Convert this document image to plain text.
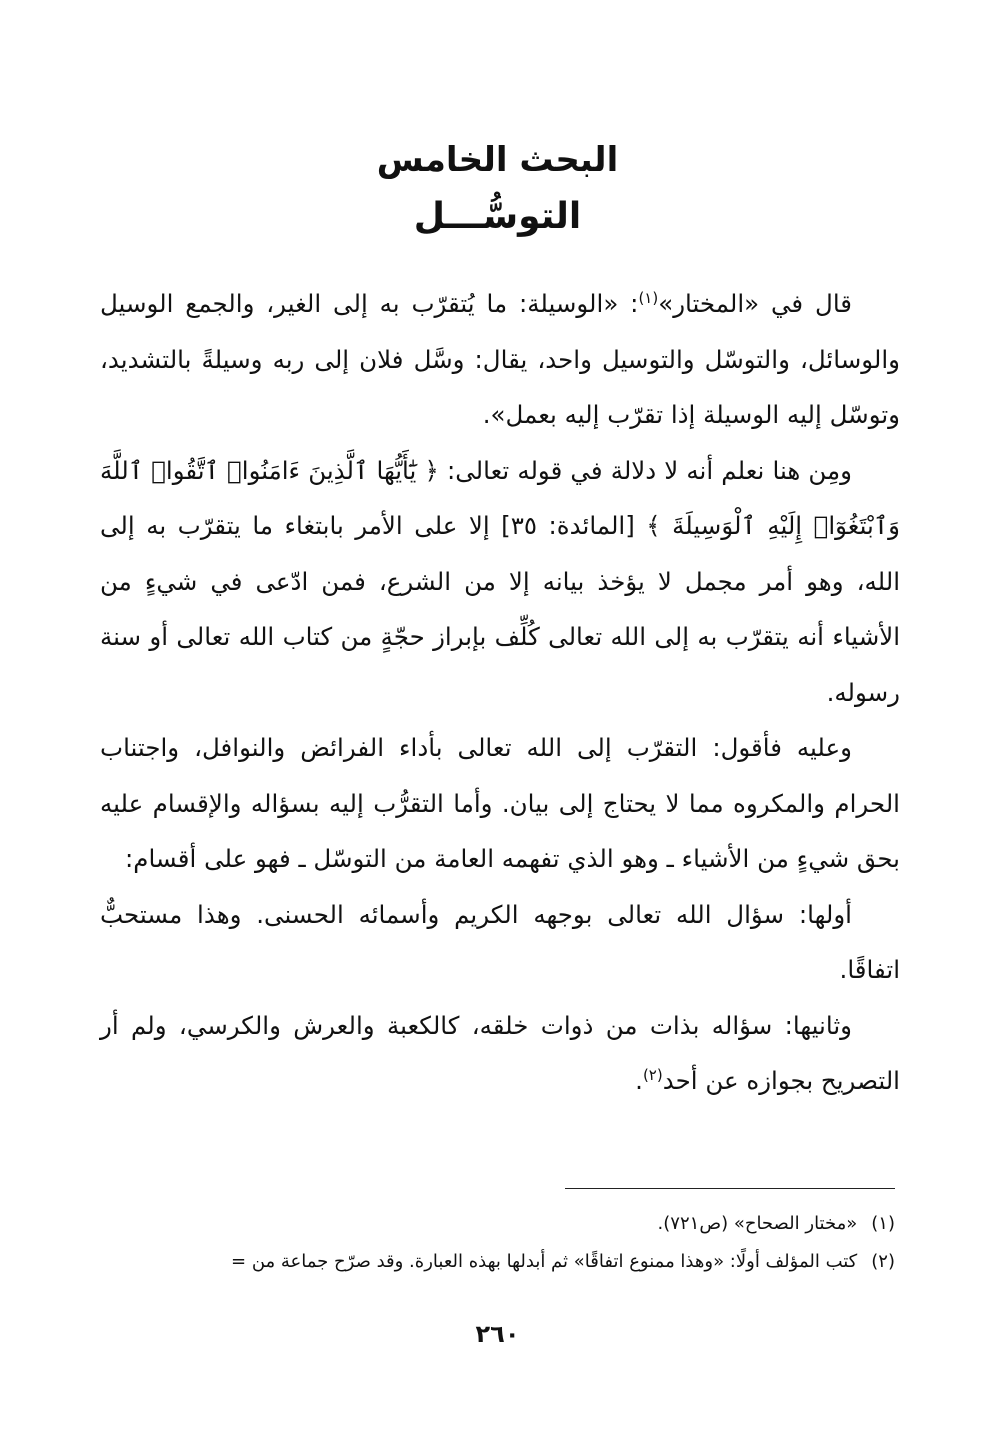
البحث الخامس
التوسُّـــل

قال في «المختار»$^{(١)}$: «الوسيلة: ما يُتقرّب به إلى الغير، والجمع الوسيل والوسائل، والتوسّل والتوسيل واحد، يقال: وسَّل فلان إلى ربه وسيلةً بالتشديد، وتوسّل إليه الوسيلة إذا تقرّب إليه بعمل».

ومِن هنا نعلم أنه لا دلالة في قوله تعالى: ﴿ يَٰٓأَيُّهَا ٱلَّذِينَ ءَامَنُوا۟ ٱتَّقُوا۟ ٱللَّهَ وَٱبْتَغُوٓا۟ إِلَيْهِ ٱلْوَسِيلَةَ ﴾ [المائدة: ٣٥] إلا على الأمر بابتغاء ما يتقرّب به إلى الله، وهو أمر مجمل لا يؤخذ بيانه إلا من الشرع، فمن ادّعى في شيءٍ من الأشياء أنه يتقرّب به إلى الله تعالى كُلِّف بإبراز حجّةٍ من كتاب الله تعالى أو سنة رسوله.

وعليه فأقول: التقرّب إلى الله تعالى بأداء الفرائض والنوافل، واجتناب الحرام والمكروه مما لا يحتاج إلى بيان. وأما التقرُّب إليه بسؤاله والإقسام عليه بحق شيءٍ من الأشياء ـ وهو الذي تفهمه العامة من التوسّل ـ فهو على أقسام:

أولها: سؤال الله تعالى بوجهه الكريم وأسمائه الحسنى. وهذا مستحبٌّ اتفاقًا.

وثانيها: سؤاله بذات من ذوات خلقه، كالكعبة والعرش والكرسي، ولم أر التصريح بجوازه عن أحد$^{(٢)}$.

(١)«مختار الصحاح» (ص٧٢١).

(٢)كتب المؤلف أولًا: «وهذا ممنوع اتفاقًا» ثم أبدلها بهذه العبارة. وقد صرّح جماعة من =

٢٦٠
